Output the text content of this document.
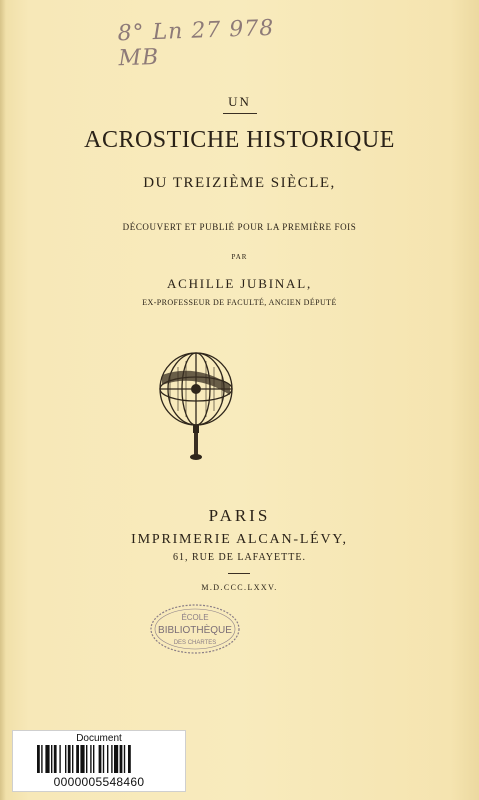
8° Ln 27 978 MB
UN
ACROSTICHE HISTORIQUE
DU TREIZIÈME SIÈCLE,
DÉCOUVERT ET PUBLIÉ POUR LA PREMIÈRE FOIS
PAR
ACHILLE JUBINAL,
EX-PROFESSEUR DE FACULTÉ, ANCIEN DÉPUTÉ
PARIS
IMPRIMERIE ALCAN-LÉVY,
61, RUE DE LAFAYETTE.
M.D.CCC.LXXV.
ÉCOLE
BIBLIOTHÈQUE
DES CHARTES
Document
0000005548460
